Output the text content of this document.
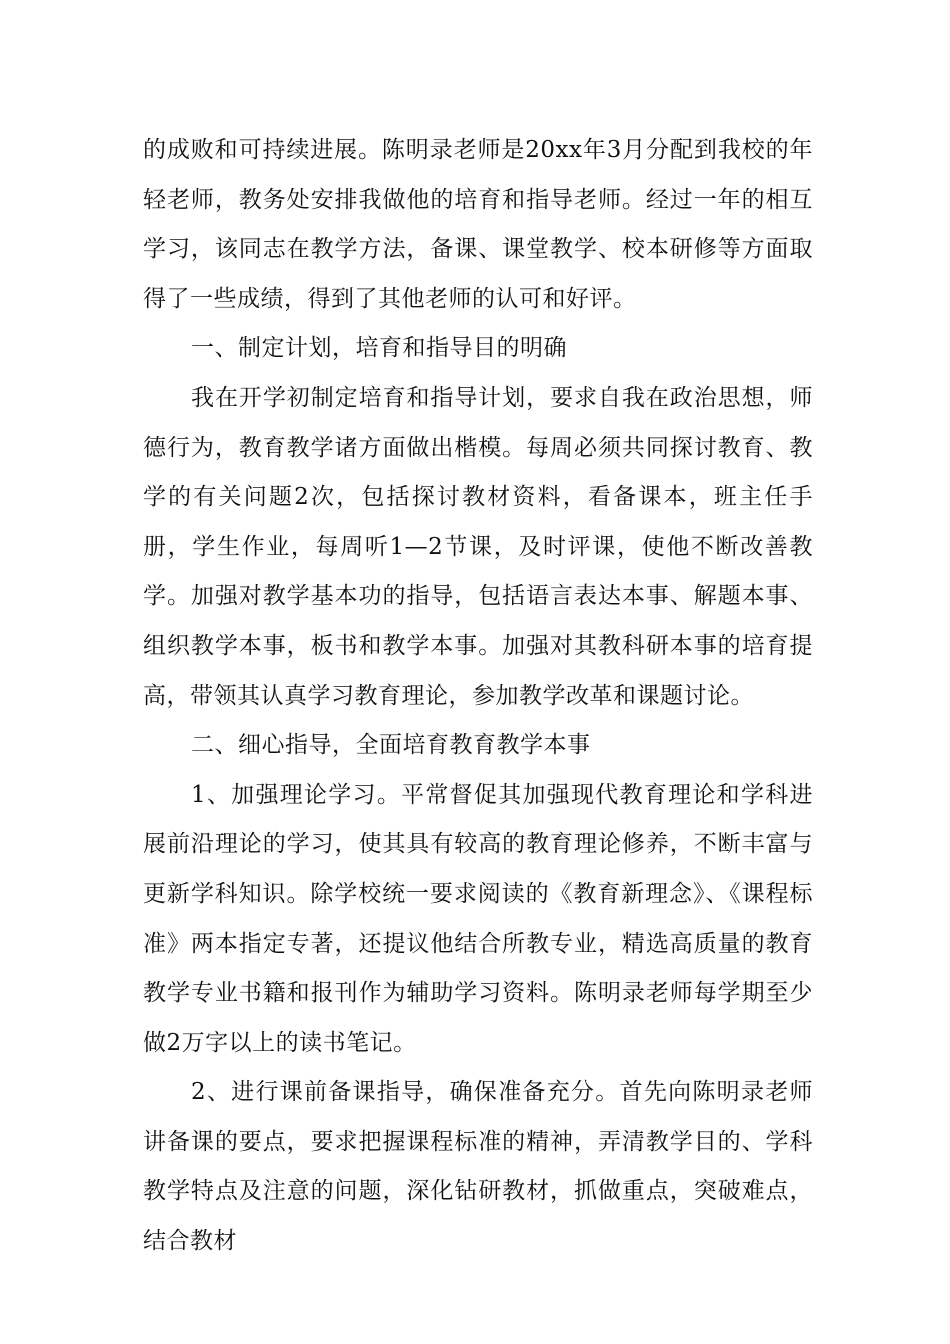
的成败和可持续进展。陈明录老师是20xx年3月分配到我校的年轻老师，教务处安排我做他的培育和指导老师。经过一年的相互学习，该同志在教学方法，备课、课堂教学、校本研修等方面取得了一些成绩，得到了其他老师的认可和好评。

一、制定计划，培育和指导目的明确

我在开学初制定培育和指导计划，要求自我在政治思想，师德行为，教育教学诸方面做出楷模。每周必须共同探讨教育、教学的有关问题2次，包括探讨教材资料，看备课本，班主任手册，学生作业，每周听1—2节课，及时评课，使他不断改善教学。加强对教学基本功的指导，包括语言表达本事、解题本事、组织教学本事，板书和教学本事。加强对其教科研本事的培育提高，带领其认真学习教育理论，参加教学改革和课题讨论。

二、细心指导，全面培育教育教学本事

1、加强理论学习。平常督促其加强现代教育理论和学科进展前沿理论的学习，使其具有较高的教育理论修养，不断丰富与更新学科知识。除学校统一要求阅读的《教育新理念》、《课程标准》两本指定专著，还提议他结合所教专业，精选高质量的教育教学专业书籍和报刊作为辅助学习资料。陈明录老师每学期至少做2万字以上的读书笔记。

2、进行课前备课指导，确保准备充分。首先向陈明录老师讲备课的要点，要求把握课程标准的精神，弄清教学目的、学科教学特点及注意的问题，深化钻研教材，抓做重点，突破难点，结合教材
